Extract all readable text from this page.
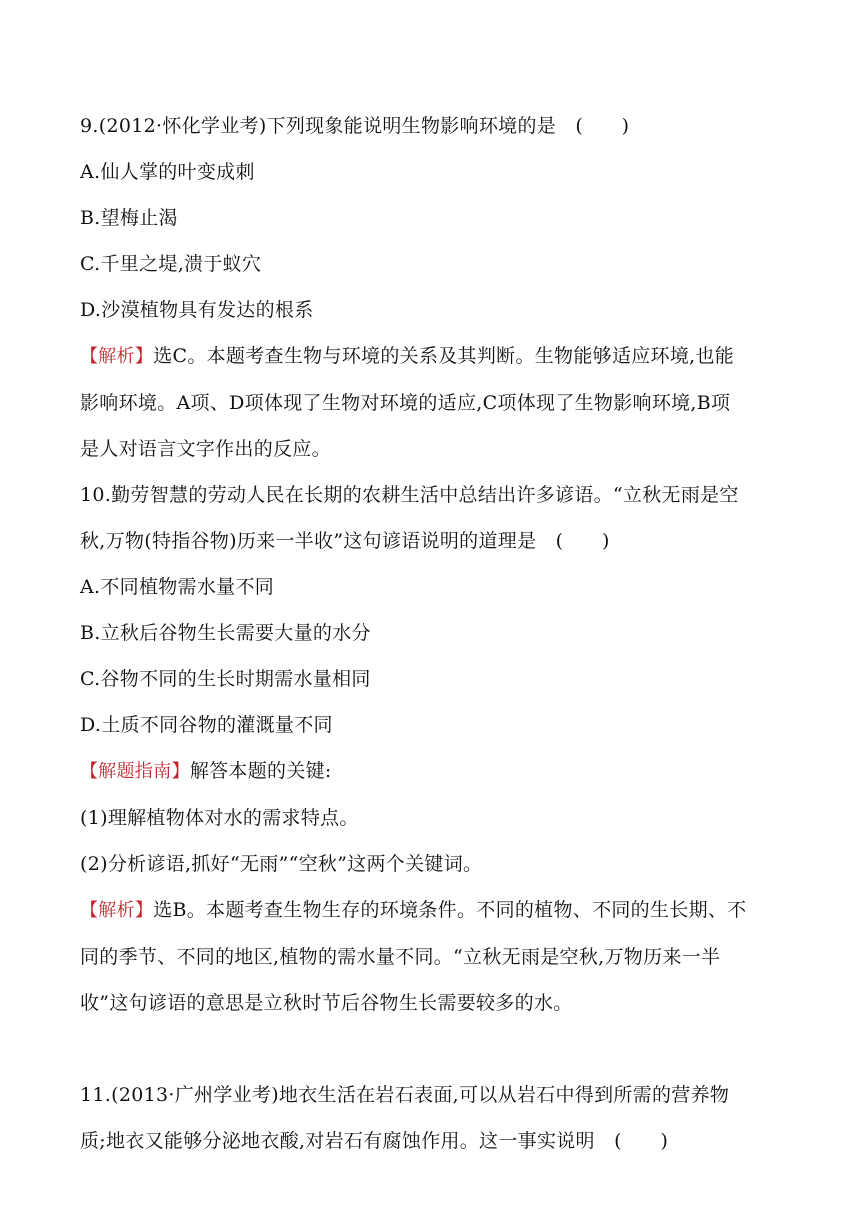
9.(2012·怀化学业考)下列现象能说明生物影响环境的是　(　　)
A.仙人掌的叶变成刺
B.望梅止渴
C.千里之堤,溃于蚁穴
D.沙漠植物具有发达的根系
【解析】选C。本题考查生物与环境的关系及其判断。生物能够适应环境,也能
影响环境。A项、D项体现了生物对环境的适应,C项体现了生物影响环境,B项
是人对语言文字作出的反应。
10.勤劳智慧的劳动人民在长期的农耕生活中总结出许多谚语。“立秋无雨是空
秋,万物(特指谷物)历来一半收”这句谚语说明的道理是　(　　)
A.不同植物需水量不同
B.立秋后谷物生长需要大量的水分
C.谷物不同的生长时期需水量相同
D.土质不同谷物的灌溉量不同
【解题指南】解答本题的关键:
(1)理解植物体对水的需求特点。
(2)分析谚语,抓好“无雨”“空秋”这两个关键词。
【解析】选B。本题考查生物生存的环境条件。不同的植物、不同的生长期、不
同的季节、不同的地区,植物的需水量不同。“立秋无雨是空秋,万物历来一半
收”这句谚语的意思是立秋时节后谷物生长需要较多的水。
11.(2013·广州学业考)地衣生活在岩石表面,可以从岩石中得到所需的营养物
质;地衣又能够分泌地衣酸,对岩石有腐蚀作用。这一事实说明　(　　)
